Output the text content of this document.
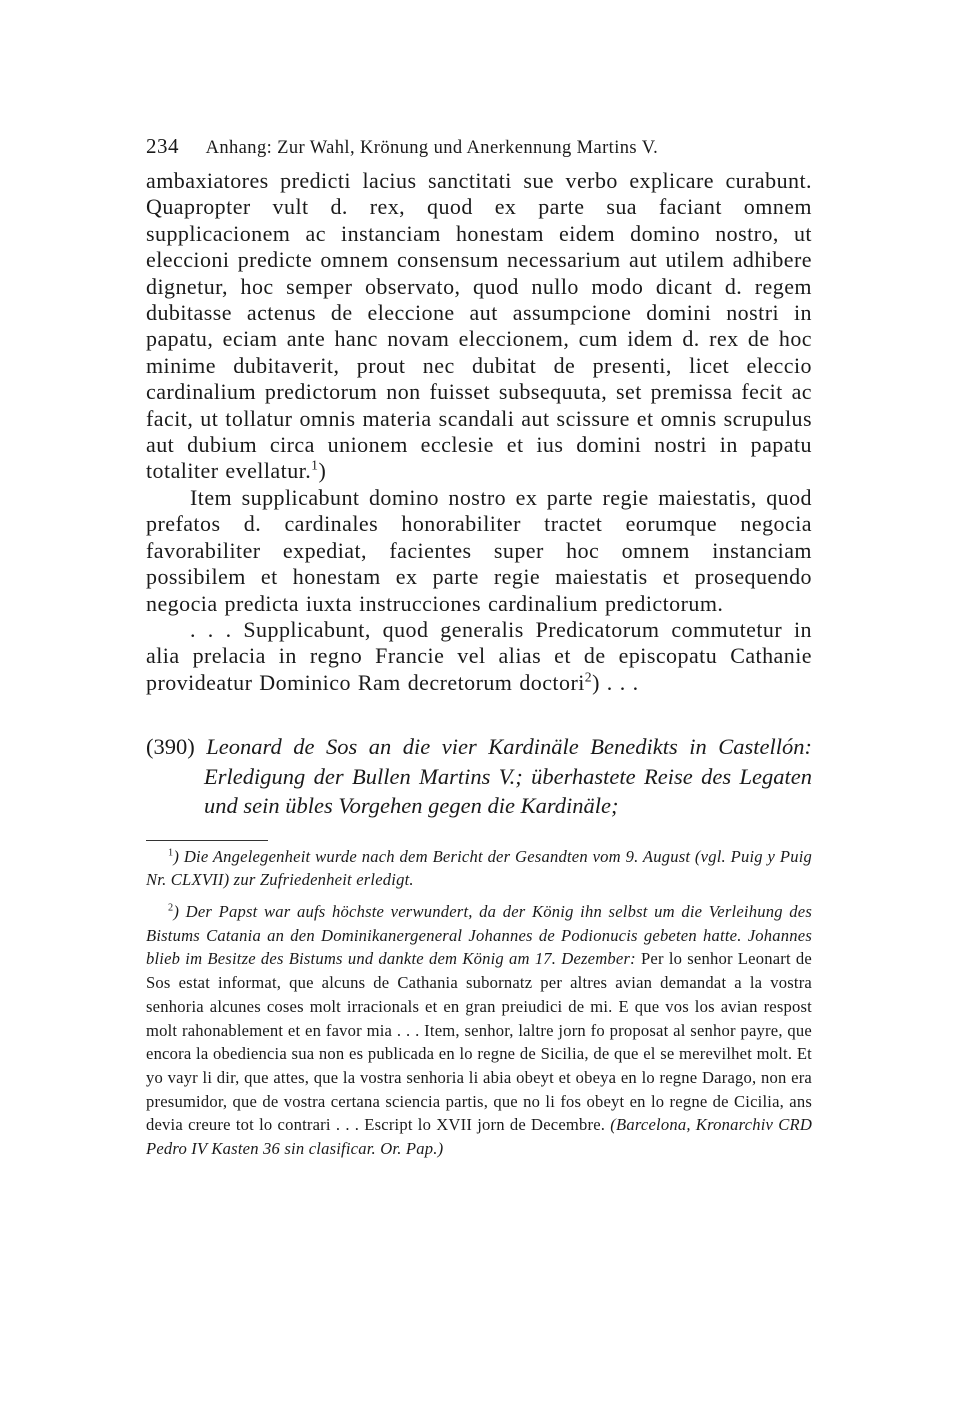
234 Anhang: Zur Wahl, Krönung und Anerkennung Martins V.

ambaxiatores predicti lacius sanctitati sue verbo explicare curabunt. Quapropter vult d. rex, quod ex parte sua faciant omnem supplicacionem ac instanciam honestam eidem domino nostro, ut eleccioni predicte omnem consensum necessarium aut utilem adhibere dignetur, hoc semper observato, quod nullo modo dicant d. regem dubitasse actenus de eleccione aut assumpcione domini nostri in papatu, eciam ante hanc novam eleccionem, cum idem d. rex de hoc minime dubitaverit, prout nec dubitat de presenti, licet eleccio cardinalium predictorum non fuisset subsequuta, set premissa fecit ac facit, ut tollatur omnis materia scandali aut scissure et omnis scrupulus aut dubium circa unionem ecclesie et ius domini nostri in papatu totaliter evellatur.$^1$)

Item supplicabunt domino nostro ex parte regie maiestatis, quod prefatos d. cardinales honorabiliter tractet eorumque negocia favorabiliter expediat, facientes super hoc omnem instanciam possibilem et honestam ex parte regie maiestatis et prosequendo negocia predicta iuxta instrucciones cardinalium predictorum.

. . . Supplicabunt, quod generalis Predicatorum commutetur in alia prelacia in regno Francie vel alias et de episcopatu Cathanie provideatur Dominico Ram decretorum doctori$^2$) . . .

(390) Leonard de Sos an die vier Kardinäle Benedikts in Castellón: Erledigung der Bullen Martins V.; überhastete Reise des Legaten und sein übles Vorgehen gegen die Kardinäle;

$^1$) Die Angelegenheit wurde nach dem Bericht der Gesandten vom 9. August (vgl. Puig y Puig Nr. CLXVII) zur Zufriedenheit erledigt.

$^2$) Der Papst war aufs höchste verwundert, da der König ihn selbst um die Verleihung des Bistums Catania an den Dominikanergeneral Johannes de Podionucis gebeten hatte. Johannes blieb im Besitze des Bistums und dankte dem König am 17. Dezember: Per lo senhor Leonart de Sos estat informat, que alcuns de Cathania subornatz per altres avian demandat a la vostra senhoria alcunes coses molt irracionals et en gran preiudici de mi. E que vos los avian respost molt rahonablement et en favor mia . . . Item, senhor, laltre jorn fo proposat al senhor payre, que encora la obediencia sua non es publicada en lo regne de Sicilia, de que el se merevilhet molt. Et yo vayr li dir, que attes, que la vostra senhoria li abia obeyt et obeya en lo regne Darago, non era presumidor, que de vostra certana sciencia partis, que no li fos obeyt en lo regne de Cicilia, ans devia creure tot lo contrari . . . Escript lo XVII jorn de Decembre. (Barcelona, Kronarchiv CRD Pedro IV Kasten 36 sin clasificar. Or. Pap.)
